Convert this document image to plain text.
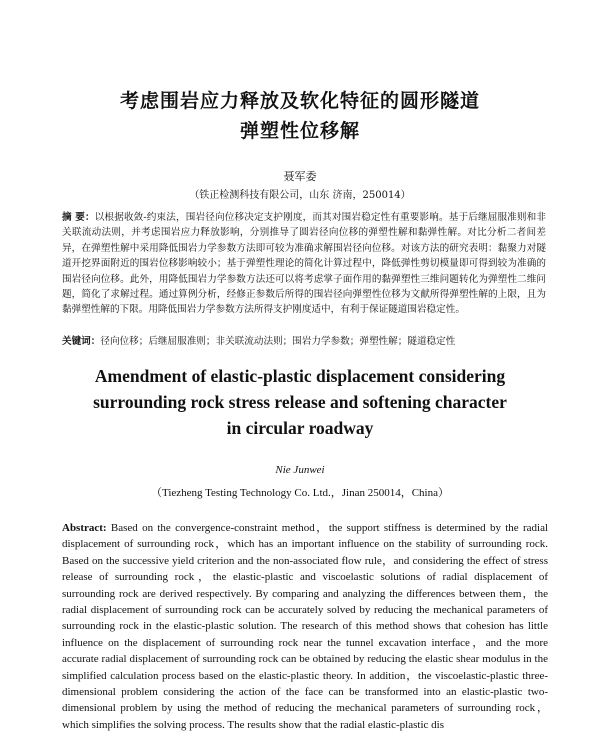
考虑围岩应力释放及软化特征的圆形隧道
弹塑性位移解
聂军委
（铁正检测科技有限公司，山东 济南，250014）
摘 要：以根据收敛-约束法，围岩径向位移决定支护刚度，而其对围岩稳定性有重要影响。基于后继屈服准则和非关联流动法则，并考虑围岩应力释放影响，分别推导了圆岩径向位移的弹塑性解和黏弹性解。对比分析二者间差异，在弹塑性解中采用降低围岩力学参数方法即可较为准确求解围岩径向位移。对该方法的研究表明：黏聚力对隧道开挖界面附近的围岩位移影响较小；基于弹塑性理论的简化计算过程中，降低弹性剪切模量即可得到较为准确的围岩径向位移。此外，用降低围岩力学参数方法还可以将考虑掌子面作用的黏弹塑性三维问题转化为弹塑性二维问题，简化了求解过程。通过算例分析，经修正参数后所得的围岩径向弹塑性位移为文献所得弹塑性解的上限，且为黏弹塑性解的下限。用降低围岩力学参数方法所得支护刚度适中，有利于保证隧道围岩稳定性。
关键词：径向位移；后继屈服准则；非关联流动法则；围岩力学参数；弹塑性解；隧道稳定性
Amendment of elastic-plastic displacement considering
surrounding rock stress release and softening character
in circular roadway
Nie Junwei
（Tiezheng Testing Technology Co. Ltd.，Jinan 250014，China）
Abstract: Based on the convergence-constraint method，the support stiffness is determined by the radial displacement of surrounding rock，which has an important influence on the stability of surrounding rock. Based on the successive yield criterion and the non-associated flow rule，and considering the effect of stress release of surrounding rock，the elastic-plastic and viscoelastic solutions of radial displacement of surrounding rock are derived respectively. By comparing and analyzing the differences between them，the radial displacement of surrounding rock can be accurately solved by reducing the mechanical parameters of surrounding rock in the elastic-plastic solution. The research of this method shows that cohesion has little influence on the displacement of surrounding rock near the tunnel excavation interface，and the more accurate radial displacement of surrounding rock can be obtained by reducing the elastic shear modulus in the simplified calculation process based on the elastic-plastic theory. In addition，the viscoelastic-plastic three-dimensional problem considering the action of the face can be transformed into an elastic-plastic two-dimensional problem by using the method of reducing the mechanical parameters of surrounding rock，which simplifies the solving process. The results show that the radial elastic-plastic dis
